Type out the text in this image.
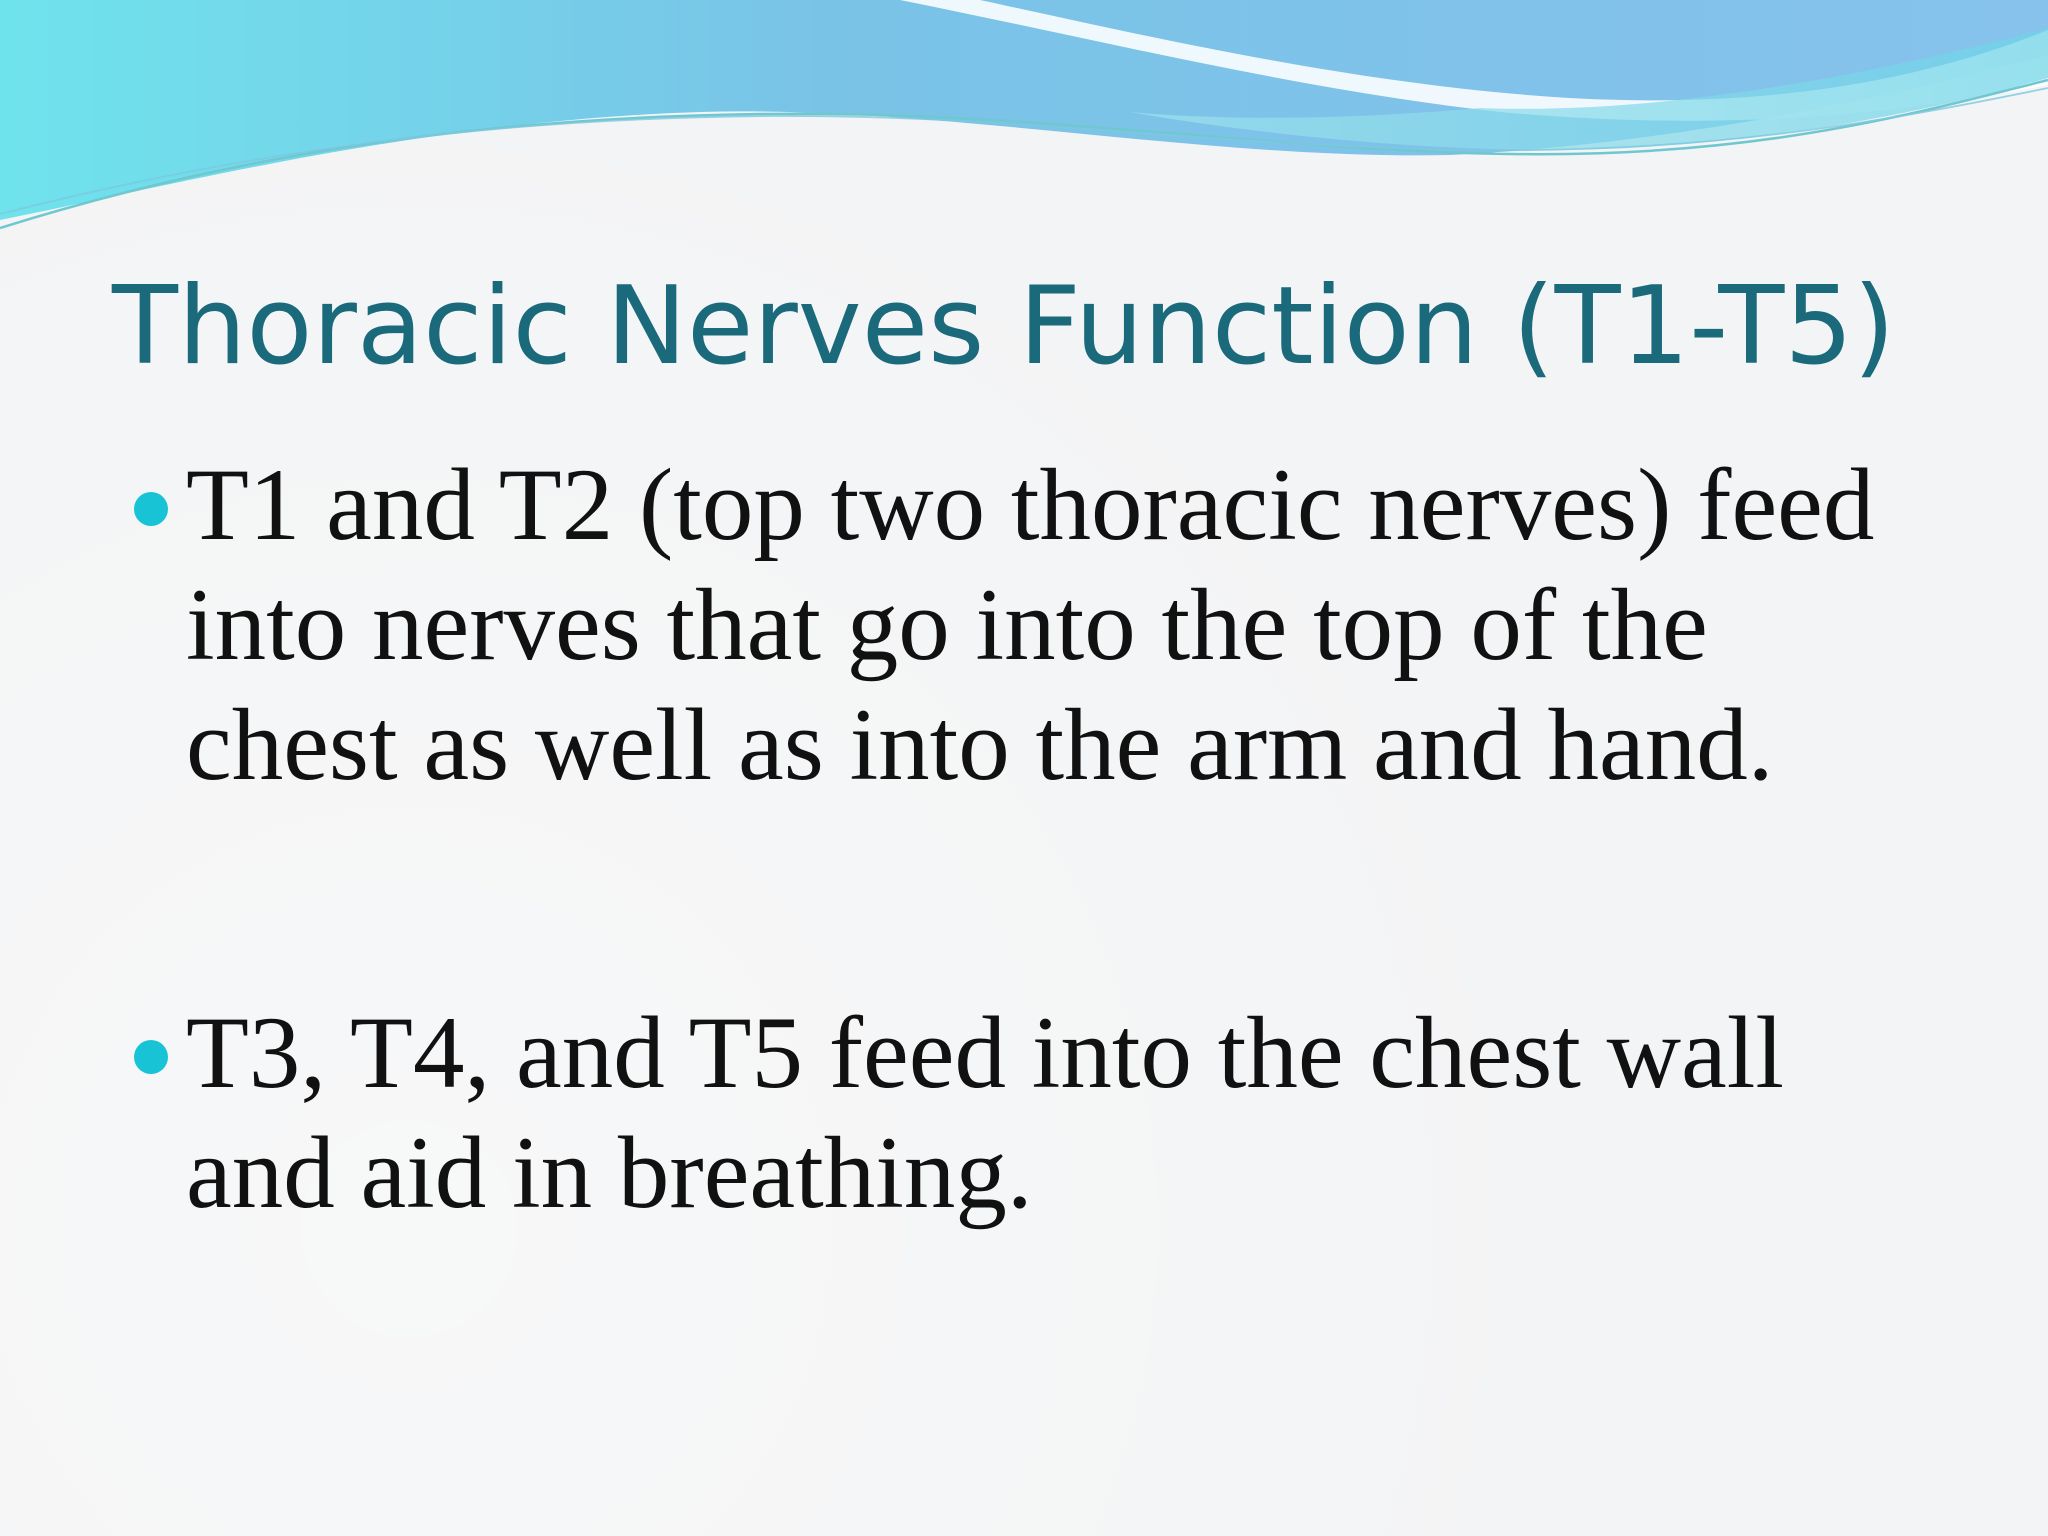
Thoracic Nerves Function (T1-T5)
T1 and T2 (top two thoracic nerves) feed into nerves that go into the top of the chest as well as into the arm and hand.
T3, T4, and T5 feed into the chest wall and aid in breathing.
